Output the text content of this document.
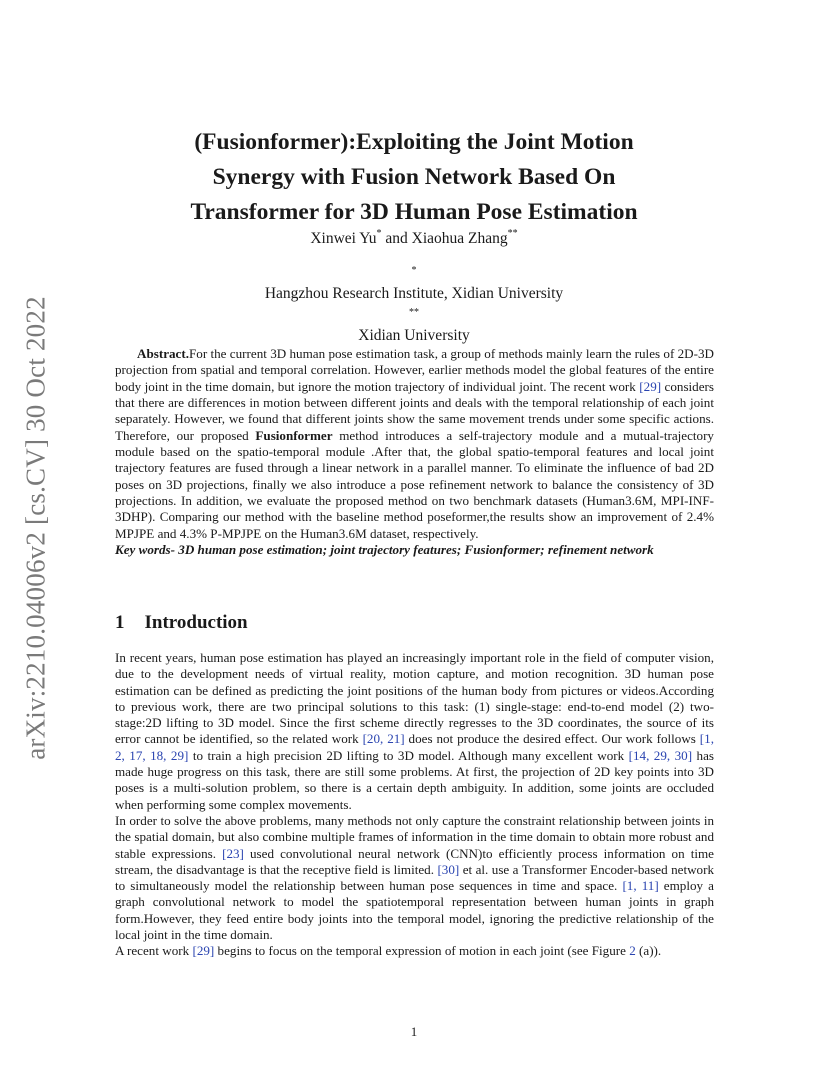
arXiv:2210.04006v2 [cs.CV] 30 Oct 2022
(Fusionformer):Exploiting the Joint Motion
Synergy with Fusion Network Based On
Transformer for 3D Human Pose Estimation
Xinwei Yu* and Xiaohua Zhang**
*
Hangzhou Research Institute, Xidian University
**
Xidian University

Abstract.For the current 3D human pose estimation task, a group of methods mainly learn the rules of 2D-3D projection from spatial and temporal correlation. However, earlier methods model the global features of the entire body joint in the time domain, but ignore the motion trajectory of individual joint. The recent work [29] considers that there are differences in motion between different joints and deals with the temporal relationship of each joint separately. However, we found that different joints show the same movement trends under some specific actions. Therefore, our proposed Fusionformer method introduces a self-trajectory module and a mutual-trajectory module based on the spatio-temporal module .After that, the global spatio-temporal features and local joint trajectory features are fused through a linear network in a parallel manner. To eliminate the influence of bad 2D poses on 3D projections, finally we also introduce a pose refinement network to balance the consistency of 3D projections. In addition, we evaluate the proposed method on two benchmark datasets (Human3.6M, MPI-INF-3DHP). Comparing our method with the baseline method poseformer,the results show an improvement of 2.4% MPJPE and 4.3% P-MPJPE on the Human3.6M dataset, respectively.
Key words- 3D human pose estimation; joint trajectory features; Fusionformer; refinement network

1 Introduction

In recent years, human pose estimation has played an increasingly important role in the field of computer vision, due to the development needs of virtual reality, motion capture, and motion recognition. 3D human pose estimation can be defined as predicting the joint positions of the human body from pictures or videos.According to previous work, there are two principal solutions to this task: (1) single-stage: end-to-end model (2) two-stage:2D lifting to 3D model. Since the first scheme directly regresses to the 3D coordinates, the source of its error cannot be identified, so the related work [20, 21] does not produce the desired effect. Our work follows [1, 2, 17, 18, 29] to train a high precision 2D lifting to 3D model. Although many excellent work [14, 29, 30] has made huge progress on this task, there are still some problems. At first, the projection of 2D key points into 3D poses is a multi-solution problem, so there is a certain depth ambiguity. In addition, some joints are occluded when performing some complex movements.

In order to solve the above problems, many methods not only capture the constraint relationship between joints in the spatial domain, but also combine multiple frames of information in the time domain to obtain more robust and stable expressions. [23] used convolutional neural network (CNN)to efficiently process information on time stream, the disadvantage is that the receptive field is limited. [30] et al. use a Transformer Encoder-based network to simultaneously model the relationship between human pose sequences in time and space. [1, 11] employ a graph convolutional network to model the spatiotemporal representation between human joints in graph form.However, they feed entire body joints into the temporal model, ignoring the predictive relationship of the local joint in the time domain.

A recent work [29] begins to focus on the temporal expression of motion in each joint (see Figure 2 (a)).

1
